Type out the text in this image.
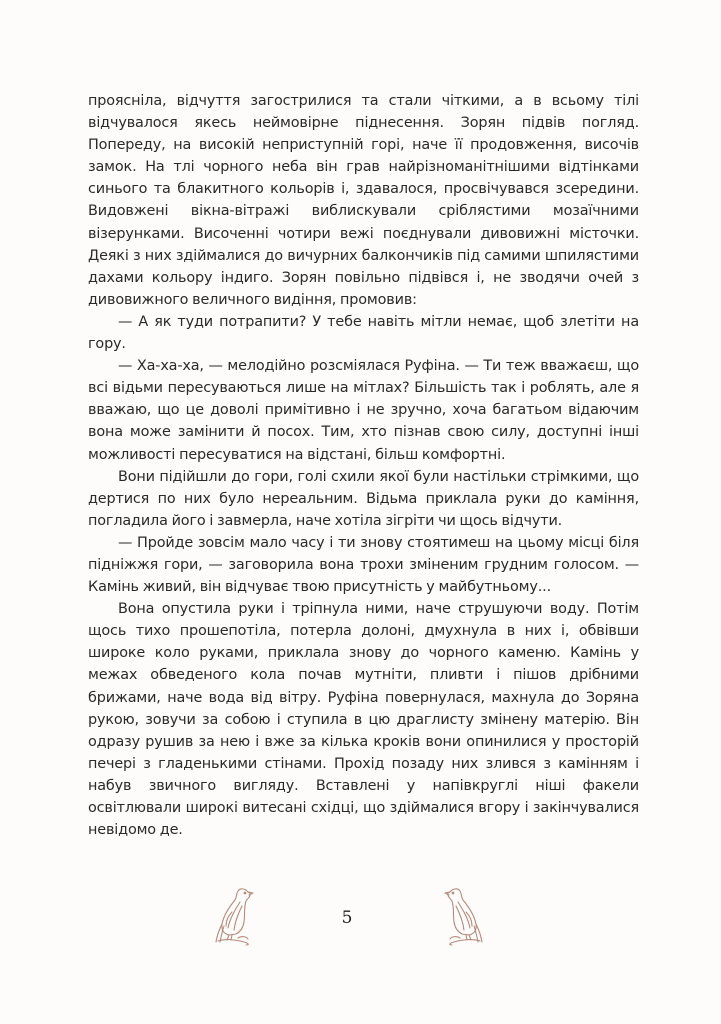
прояснiла, вiдчуття загострилися та стали чiткими, а в всьому тiлi вiдчувалося якесь неймовiрне пiднесення. Зорян пiдвiв погляд. Попереду, на високiй неприступнiй горi, наче її продовження, височiв замок. На тлi чорного неба вiн грав найрiзноманiтнiшими вiдтiнками синього та блакитного кольорiв i, здавалося, просвiчувався зсередини. Видовженi вiкна-вiтражi виблискували срiблястими мозаїчними вiзерунками. Височеннi чотири вежi поєднували дивовижнi мiсточки. Деякi з них здiймалися до вичурних балкончикiв пiд самими шпилястими дахами кольору iндиго. Зорян повiльно пiдвiвся i, не зводячи очей з дивовижного величного видiння, промовив:

— А як туди потрапити? У тебе навiть мiтли немає, щоб злетiти на гору.

— Ха-ха-ха, — мелодiйно розсмiялася Руфiна. — Ти теж вважаєш, що всi вiдьми пересуваються лише на мiтлах? Бiльшiсть так i роблять, але я вважаю, що це доволi примiтивно i не зручно, хоча багатьом вiдаючим вона може замiнити й посох. Тим, хто пiзнав свою силу, доступнi iншi можливостi пересуватися на вiдстанi, бiльш комфортнi.

Вони пiдiйшли до гори, голi схили якої були настiльки стрiмкими, що дертися по них було нереальним. Вiдьма приклала руки до камiння, погладила його i завмерла, наче хотiла зiгрiти чи щось вiдчути.

— Пройде зовсiм мало часу i ти знову стоятимеш на цьому мiсцi бiля пiднiжжя гори, — заговорила вона трохи змiненим грудним голосом. — Камiнь живий, вiн вiдчуває твою присутнiсть у майбутньому...

Вона опустила руки i трiпнула ними, наче струшуючи воду. Потiм щось тихо прошепотiла, потерла долонi, дмухнула в них i, обвiвши широке коло руками, приклала знову до чорного каменю. Камiнь у межах обведеного кола почав мутнiти, пливти i пiшов дрiбними брижами, наче вода вiд вiтру. Руфiна повернулася, махнула до Зоряна рукою, зовучи за собою i ступила в цю драглисту змiнену матерiю. Вiн одразу рушив за нею i вже за кiлька крокiв вони опинилися у просторiй печерi з гладенькими стiнами. Прохiд позаду них злився з камiнням i набув звичного вигляду. Вставленi у напiвкруглi нiшi факели освiтлювали широкi витесанi схiдцi, що здiймалися вгору i закiнчувалися невiдомо де.

5
